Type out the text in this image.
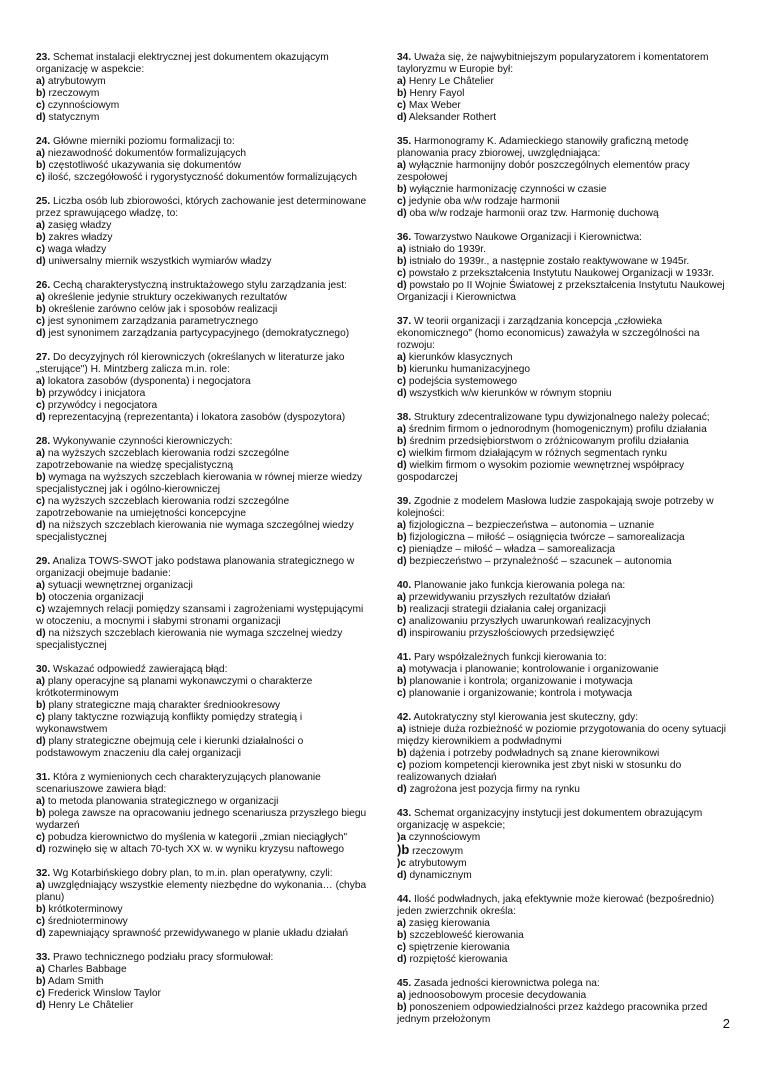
23. Schemat instalacji elektrycznej jest dokumentem okazującym organizację w aspekcie:

a) atrybutowym

b) rzeczowym

c) czynnościowym

d) statycznym

24. Główne mierniki poziomu formalizacji to:

a) niezawodność dokumentów formalizujących

b) częstotliwość ukazywania się dokumentów

c) ilość, szczegółowość i rygorystyczność dokumentów formalizujących

25. Liczba osób lub zbiorowości, których zachowanie jest determinowane przez sprawującego władzę, to:

a) zasięg władzy

b) zakres władzy

c) waga władzy

d) uniwersalny miernik wszystkich wymiarów władzy

26. Cechą charakterystyczną instruktażowego stylu zarządzania jest:

a) określenie jedynie struktury oczekiwanych rezultatów

b) określenie zarówno celów jak i sposobów realizacji

c) jest synonimem zarządzania parametrycznego

d) jest synonimem zarządzania partycypacyjnego (demokratycznego)

27. Do decyzyjnych ról kierowniczych (określanych w literaturze jako „sterujące") H. Mintzberg zalicza m.in. role:

a) lokatora zasobów (dysponenta) i negocjatora

b) przywódcy i inicjatora

c) przywódcy i negocjatora

d) reprezentacyjną (reprezentanta) i lokatora zasobów (dyspozytora)

28. Wykonywanie czynności kierowniczych:

a) na wyższych szczeblach kierowania rodzi szczególne zapotrzebowanie na wiedzę specjalistyczną

b) wymaga na wyższych szczeblach kierowania w równej mierze wiedzy specjalistycznej jak i ogólno-kierowniczej

c) na wyższych szczeblach kierowania rodzi szczególne zapotrzebowanie na umiejętności koncepcyjne

d) na niższych szczeblach kierowania nie wymaga szczególnej wiedzy specjalistycznej

29. Analiza TOWS-SWOT jako podstawa planowania strategicznego w organizacji obejmuje badanie:

a) sytuacji wewnętrznej organizacji

b) otoczenia organizacji

c) wzajemnych relacji pomiędzy szansami i zagrożeniami występującymi w otoczeniu, a mocnymi i słabymi stronami organizacji

d) na niższych szczeblach kierowania nie wymaga szczelnej wiedzy specjalistycznej

30. Wskazać odpowiedź zawierającą błąd:

a) plany operacyjne są planami wykonawczymi o charakterze krótkoterminowym

b) plany strategiczne mają charakter średniookresowy

c) plany taktyczne rozwiązują konflikty pomiędzy strategią i wykonawstwem

d) plany strategiczne obejmują cele i kierunki działalności o podstawowym znaczeniu dla całej organizacji

31. Która z wymienionych cech charakteryzujących planowanie scenariuszowe zawiera błąd:

a) to metoda planowania strategicznego w organizacji

b) polega zawsze na opracowaniu jednego scenariusza przyszłego biegu wydarzeń

c) pobudza kierownictwo do myślenia w kategorii „zmian nieciągłych"

d) rozwinęło się w altach 70-tych XX w. w wyniku kryzysu naftowego

32. Wg Kotarbińskiego dobry plan, to m.in. plan operatywny, czyli:

a) uwzględniający wszystkie elementy niezbędne do wykonania… (chyba planu)

b) krótkoterminowy

c) średnioterminowy

d) zapewniający sprawność przewidywanego w planie układu działań

33. Prawo technicznego podziału pracy sformułował:

a) Charles Babbage

b) Adam Smith

c) Frederick Winslow Taylor

d) Henry Le Châtelier

34. Uważa się, że najwybitniejszym popularyzatorem i komentatorem tayloryzmu w Europie był:

a) Henry Le Châtelier

b) Henry Fayol

c) Max Weber

d) Aleksander Rothert

35. Harmonogramy K. Adamieckiego stanowiły graficzną metodę planowania pracy zbiorowej, uwzględniająca:

a) wyłącznie harmonijny dobór poszczególnych elementów pracy zespołowej

b) wyłącznie harmonizację czynności w czasie

c) jedynie oba w/w rodzaje harmonii

d) oba w/w rodzaje harmonii oraz tzw. Harmonię duchową

36. Towarzystwo Naukowe Organizacji i Kierownictwa:

a) istniało do 1939r.

b) istniało do 1939r., a następnie zostało reaktywowane w 1945r.

c) powstało z przekształcenia Instytutu Naukowej Organizacji w 1933r.

d) powstało po II Wojnie Światowej z przekształcenia Instytutu Naukowej Organizacji i Kierownictwa

37. W teorii organizacji i zarządzania koncepcja „człowieka ekonomicznego" (homo economicus) zaważyła w szczególności na rozwoju:

a) kierunków klasycznych

b) kierunku humanizacyjnego

c) podejścia systemowego

d) wszystkich w/w kierunków w równym stopniu

38. Struktury zdecentralizowane typu dywizjonalnego należy polecać;

a) średnim firmom o jednorodnym (homogenicznym) profilu działania

b) średnim przedsiębiorstwom o zróżnicowanym profilu działania

c) wielkim firmom działającym w różnych segmentach rynku

d) wielkim firmom o wysokim poziomie wewnętrznej współpracy gospodarczej

39. Zgodnie z modelem Masłowa ludzie zaspokajają swoje potrzeby w kolejności:

a) fizjologiczna – bezpieczeństwa – autonomia – uznanie

b) fizjologiczna – miłość – osiągnięcia twórcze – samorealizacja

c) pieniądze – miłość – władza – samorealizacja

d) bezpieczeństwo – przynależność – szacunek – autonomia

40. Planowanie jako funkcja kierowania polega na:

a) przewidywaniu przyszłych rezultatów działań

b) realizacji strategii działania całej organizacji

c) analizowaniu przyszłych uwarunkowań realizacyjnych

d) inspirowaniu przyszłościowych przedsięwzięć

41. Pary współzależnych funkcji kierowania to:

a) motywacja i planowanie; kontrolowanie i organizowanie

b) planowanie i kontrola; organizowanie i motywacja

c) planowanie i organizowanie; kontrola i motywacja

42. Autokratyczny styl kierowania jest skuteczny, gdy:

a) istnieje duża rozbieżność w poziomie przygotowania do oceny sytuacji między kierownikiem a podwładnymi

b) dążenia i potrzeby podwładnych są znane kierownikowi

c) poziom kompetencji kierownika jest zbyt niski w stosunku do realizowanych działań

d) zagrożona jest pozycja firmy na rynku

43. Schemat organizacyjny instytucji jest dokumentem obrazującym organizację w aspekcie;

)a czynnościowym

)b rzeczowym

)c atrybutowym

d) dynamicznym

44. Ilość podwładnych, jaką efektywnie może kierować (bezpośrednio) jeden zwierzchnik określa:

a) zasięg kierowania

b) szczebloweść kierowania

c) spiętrzenie kierowania

d) rozpiętość kierowania

45. Zasada jedności kierownictwa polega na:

a) jednoosobowym procesie decydowania

b) ponoszeniem odpowiedzialności przez każdego pracownika przed jednym przełożonym	2
